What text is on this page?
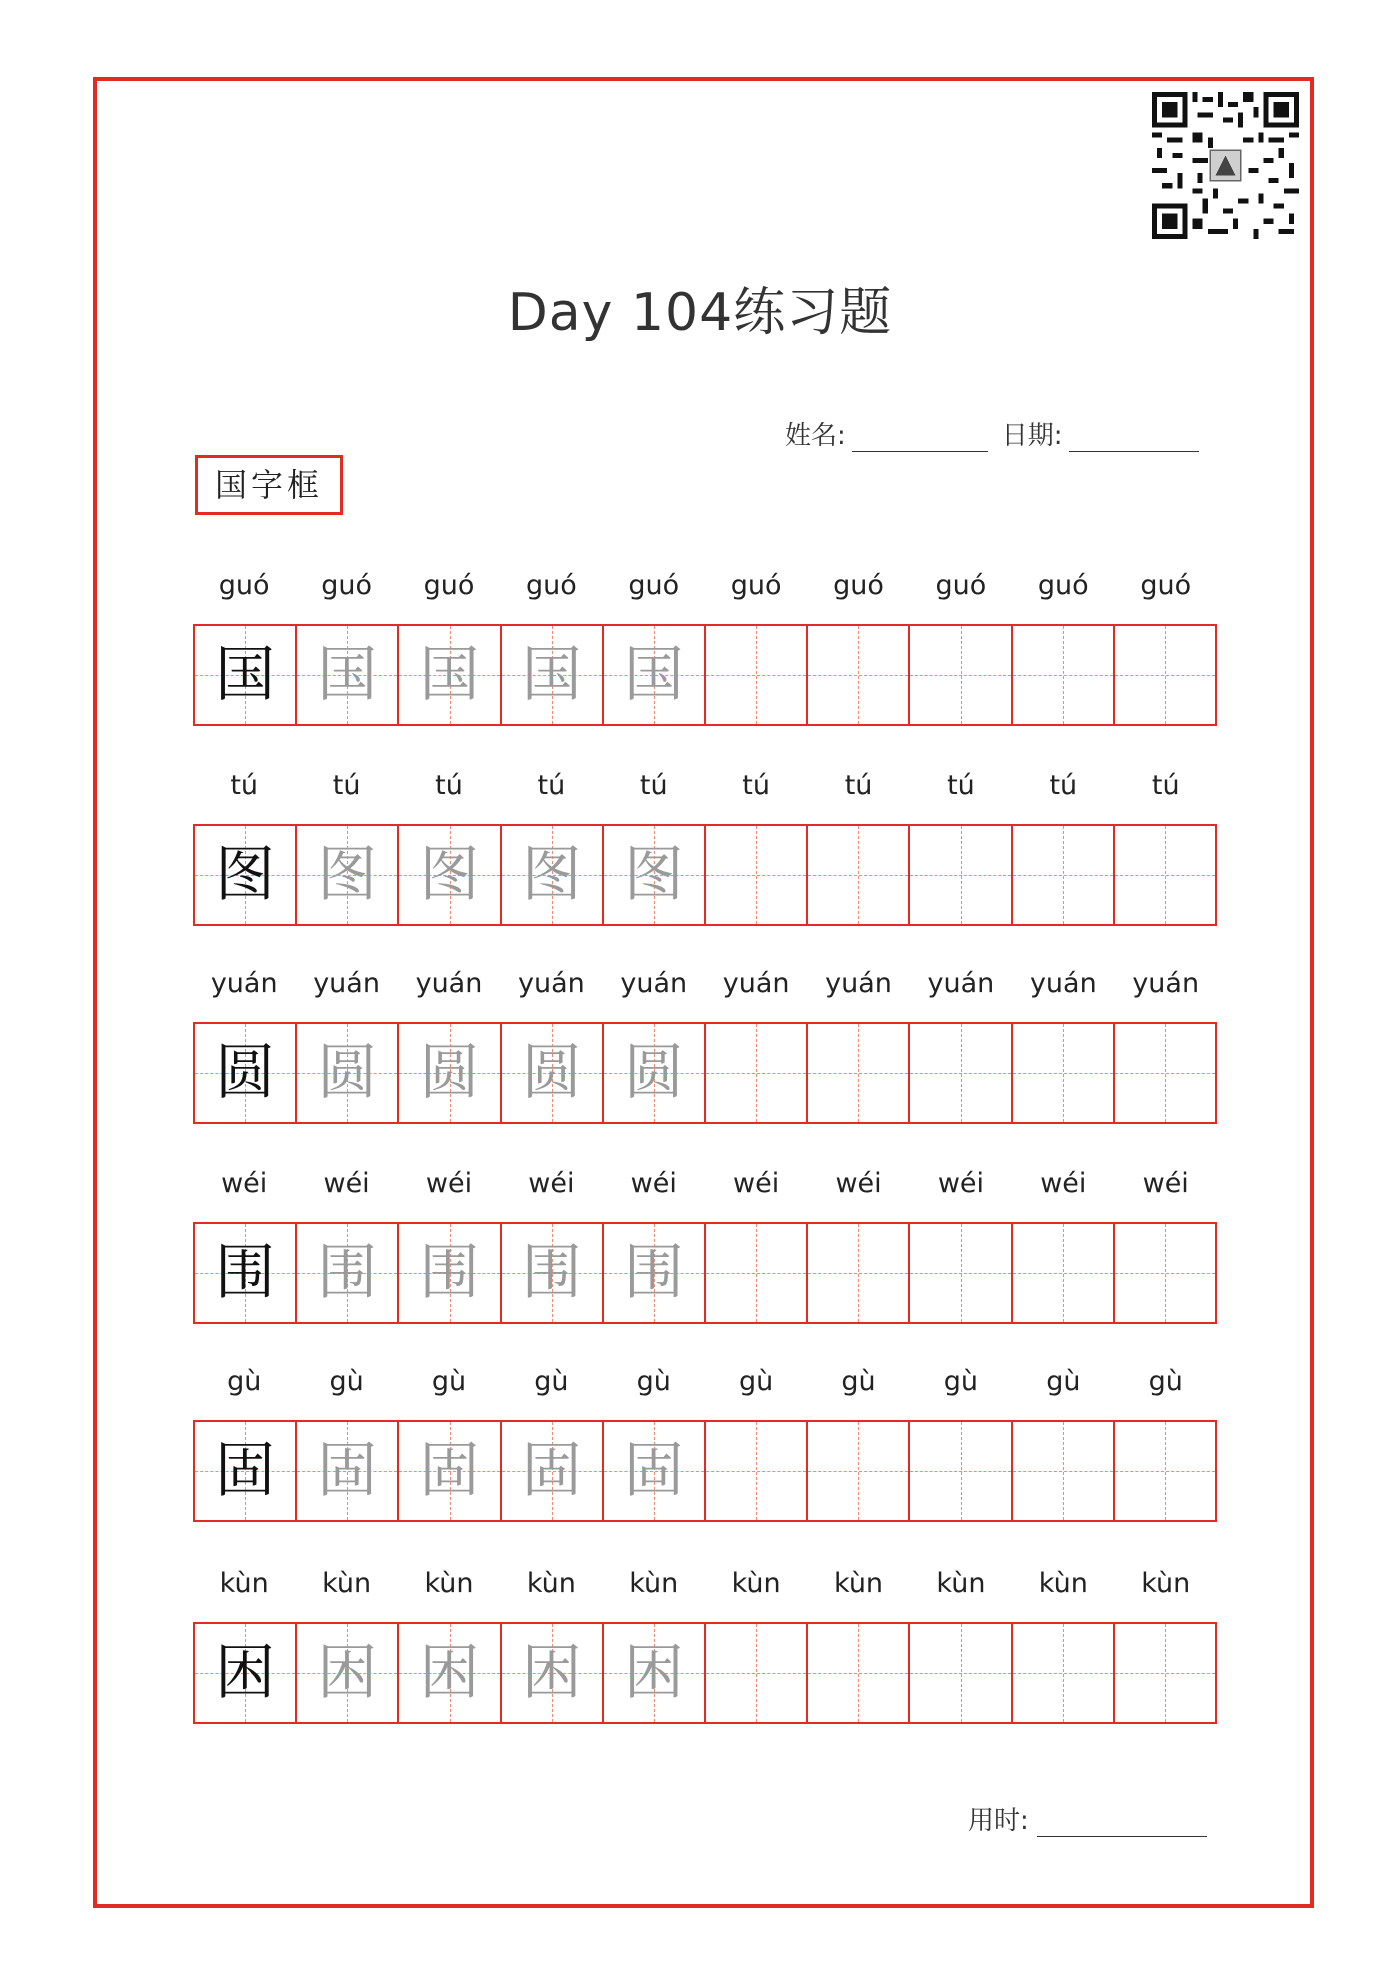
Day 104练习题
姓名:	日期:
国字框
guó	guó	guó	guó	guó	guó	guó	guó	guó	guó
国 国 国 国 国
tú	tú	tú	tú	tú	tú	tú	tú	tú	tú
图 图 图 图 图
yuán	yuán	yuán	yuán	yuán	yuán	yuán	yuán	yuán	yuán
圆 圆 圆 圆 圆
wéi	wéi	wéi	wéi	wéi	wéi	wéi	wéi	wéi	wéi
围 围 围 围 围
gù	gù	gù	gù	gù	gù	gù	gù	gù	gù
固 固 固 固 固
kùn	kùn	kùn	kùn	kùn	kùn	kùn	kùn	kùn	kùn
困 困 困 困 困
用时:
